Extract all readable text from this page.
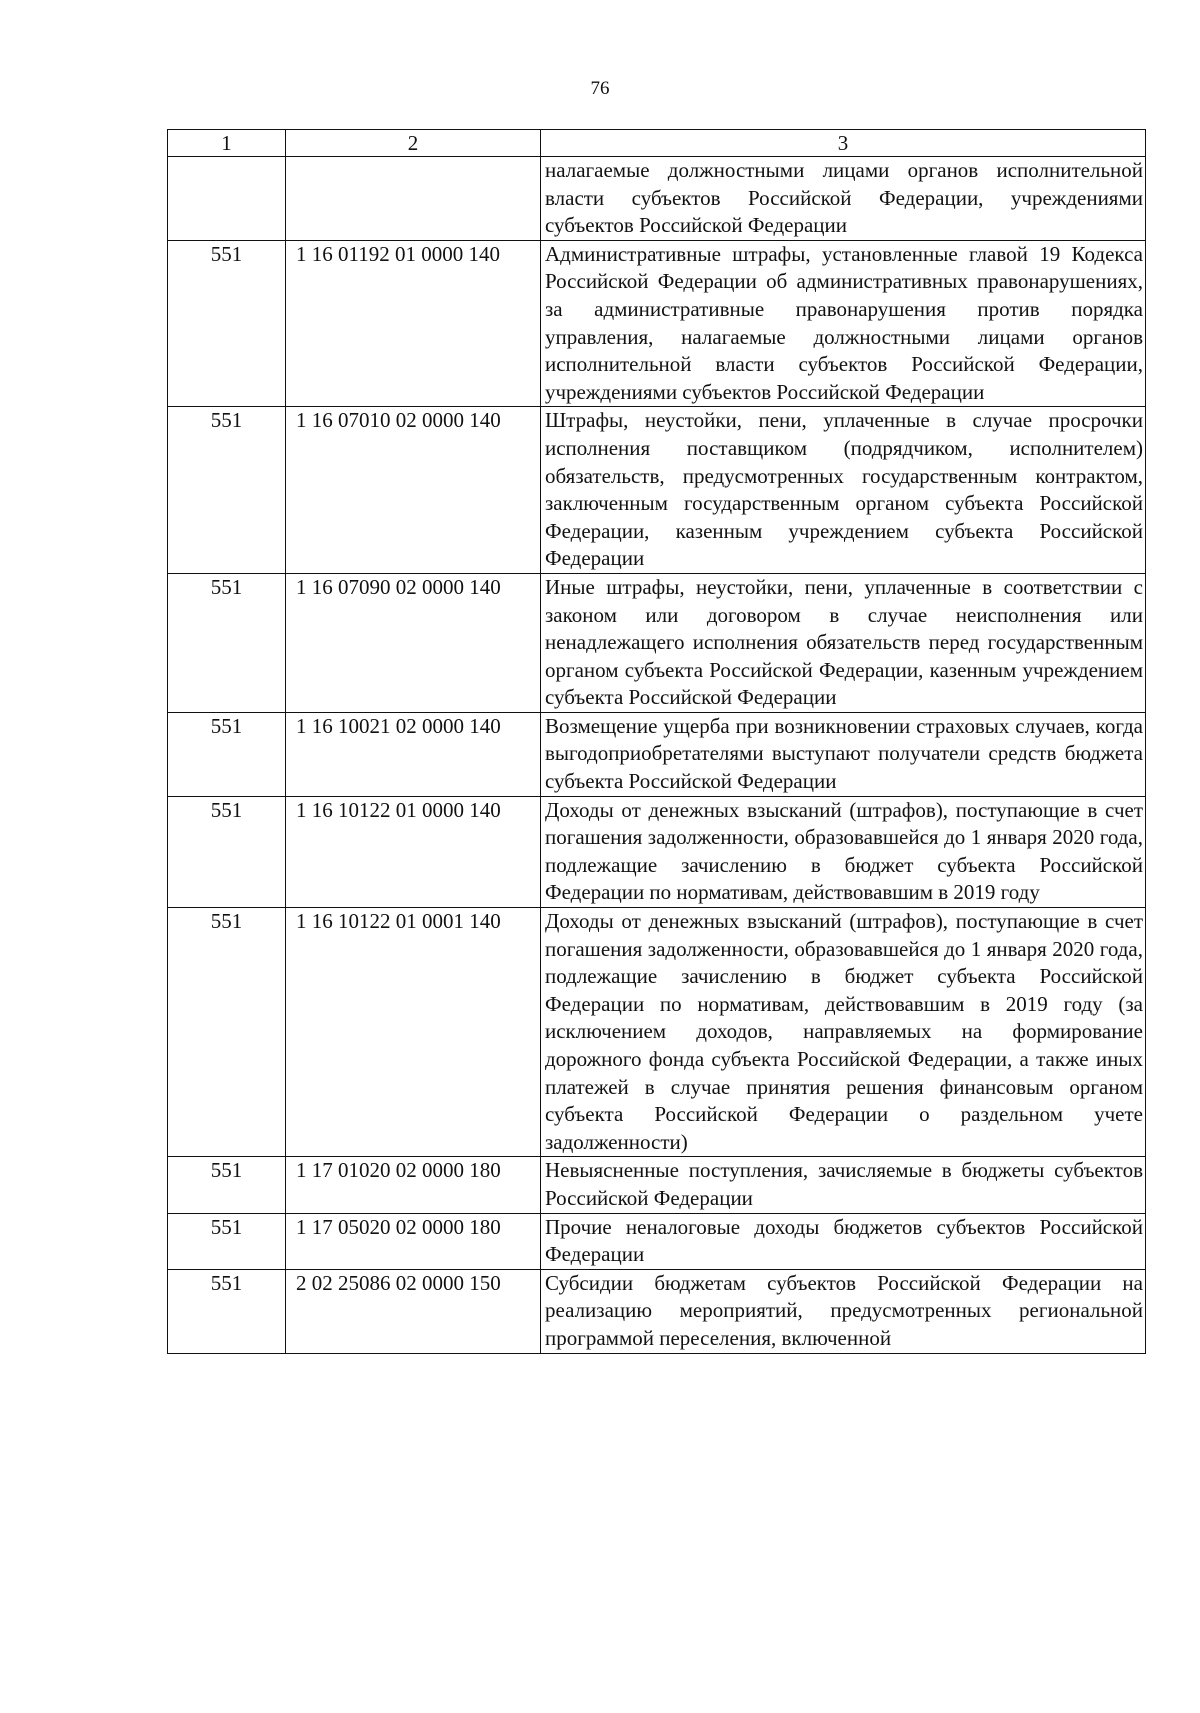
76
1	2	3
		налагаемые должностными лицами органов исполнительной власти субъектов Российской Федерации, учреждениями субъектов Российской Федерации
551	1 16 01192 01 0000 140	Административные штрафы, установленные главой 19 Кодекса Российской Федерации об административных правонарушениях, за административные правонарушения против порядка управления, налагаемые должностными лицами органов исполнительной власти субъектов Российской Федерации, учреждениями субъектов Российской Федерации
551	1 16 07010 02 0000 140	Штрафы, неустойки, пени, уплаченные в случае просрочки исполнения поставщиком (подрядчиком, исполнителем) обязательств, предусмотренных государственным контрактом, заключенным государственным органом субъекта Российской Федерации, казенным учреждением субъекта Российской Федерации
551	1 16 07090 02 0000 140	Иные штрафы, неустойки, пени, уплаченные в соответствии с законом или договором в случае неисполнения или ненадлежащего исполнения обязательств перед государственным органом субъекта Российской Федерации, казенным учреждением субъекта Российской Федерации
551	1 16 10021 02 0000 140	Возмещение ущерба при возникновении страховых случаев, когда выгодоприобретателями выступают получатели средств бюджета субъекта Российской Федерации
551	1 16 10122 01 0000 140	Доходы от денежных взысканий (штрафов), поступающие в счет погашения задолженности, образовавшейся до 1 января 2020 года, подлежащие зачислению в бюджет субъекта Российской Федерации по нормативам, действовавшим в 2019 году
551	1 16 10122 01 0001 140	Доходы от денежных взысканий (штрафов), поступающие в счет погашения задолженности, образовавшейся до 1 января 2020 года, подлежащие зачислению в бюджет субъекта Российской Федерации по нормативам, действовавшим в 2019 году (за исключением доходов, направляемых на формирование дорожного фонда субъекта Российской Федерации, а также иных платежей в случае принятия решения финансовым органом субъекта Российской Федерации о раздельном учете задолженности)
551	1 17 01020 02 0000 180	Невыясненные поступления, зачисляемые в бюджеты субъектов Российской Федерации
551	1 17 05020 02 0000 180	Прочие неналоговые доходы бюджетов субъектов Российской Федерации
551	2 02 25086 02 0000 150	Субсидии бюджетам субъектов Российской Федерации на реализацию мероприятий, предусмотренных региональной программой переселения, включенной
